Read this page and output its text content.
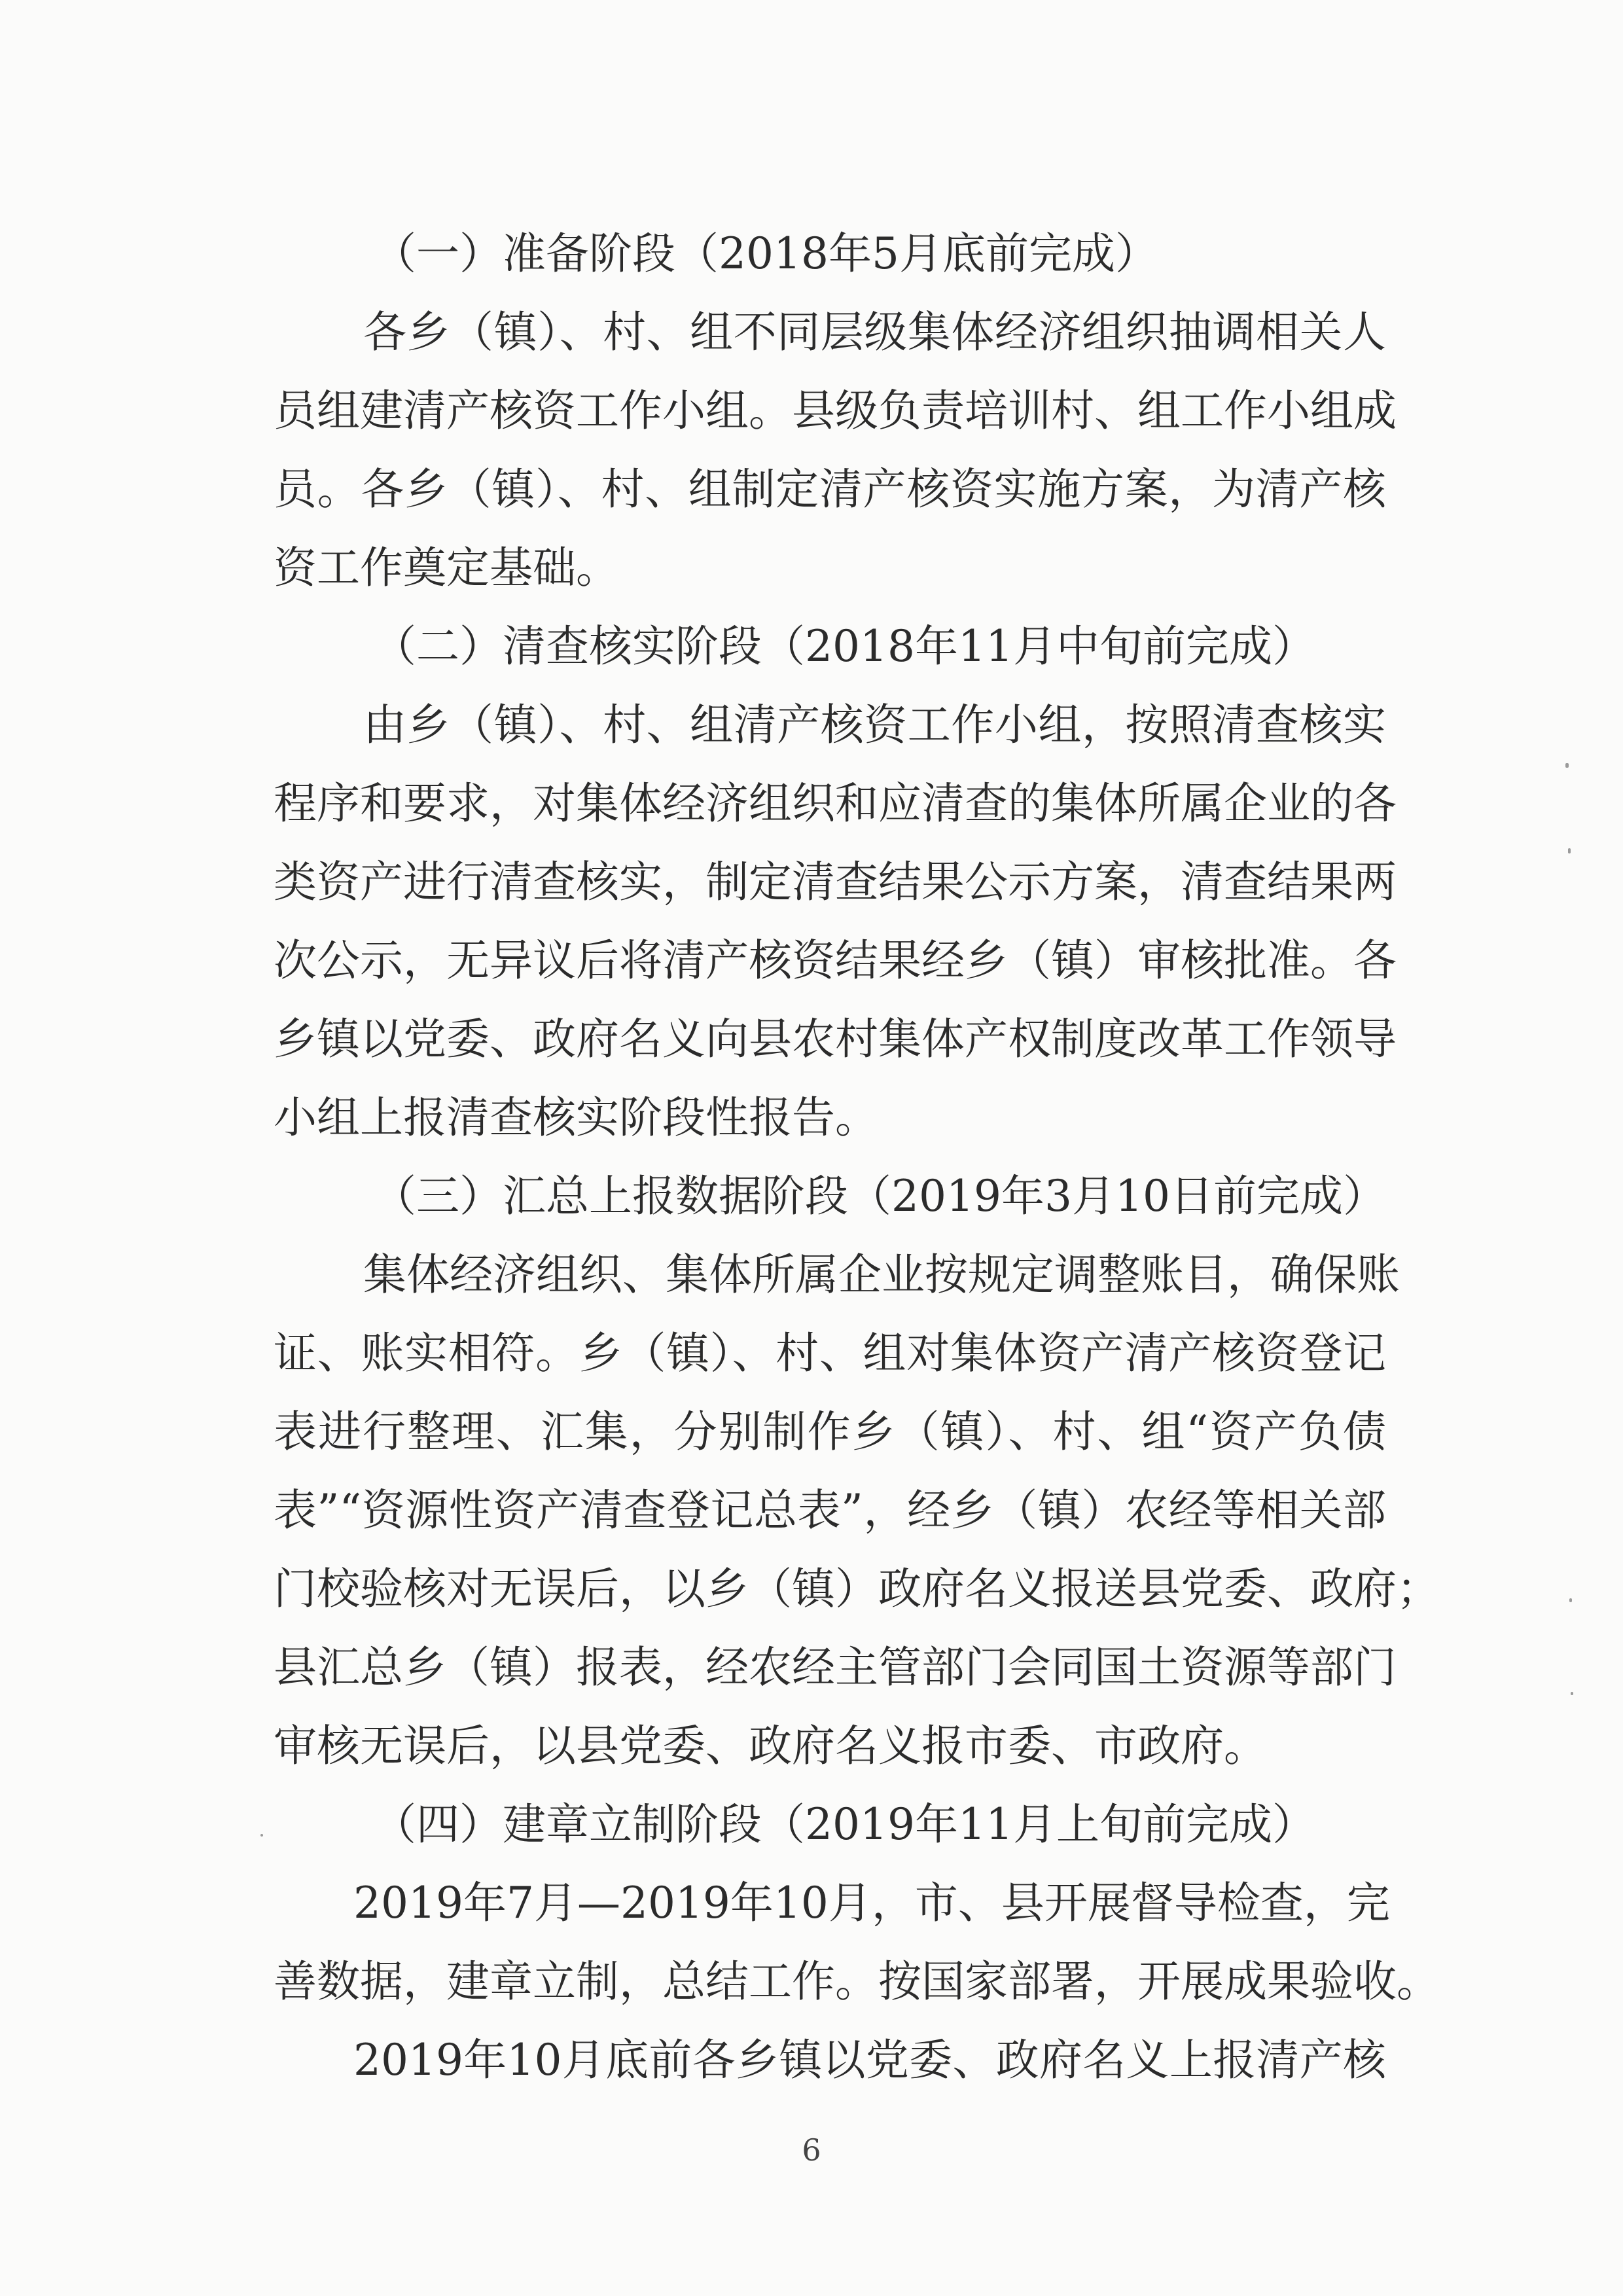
（一）准备阶段（2018年5月底前完成）
各乡（镇）、村、组不同层级集体经济组织抽调相关人
员组建清产核资工作小组。县级负责培训村、组工作小组成
员。各乡（镇）、村、组制定清产核资实施方案，为清产核
资工作奠定基础。
（二）清查核实阶段（2018年11月中旬前完成）
由乡（镇）、村、组清产核资工作小组，按照清查核实
程序和要求，对集体经济组织和应清查的集体所属企业的各
类资产进行清查核实，制定清查结果公示方案，清查结果两
次公示，无异议后将清产核资结果经乡（镇）审核批准。各
乡镇以党委、政府名义向县农村集体产权制度改革工作领导
小组上报清查核实阶段性报告。
（三）汇总上报数据阶段（2019年3月10日前完成）
集体经济组织、集体所属企业按规定调整账目，确保账
证、账实相符。乡（镇）、村、组对集体资产清产核资登记
表进行整理、汇集，分别制作乡（镇）、村、组“资产负债
表”“资源性资产清查登记总表”，经乡（镇）农经等相关部
门校验核对无误后，以乡（镇）政府名义报送县党委、政府；
县汇总乡（镇）报表，经农经主管部门会同国土资源等部门
审核无误后，以县党委、政府名义报市委、市政府。
（四）建章立制阶段（2019年11月上旬前完成）
2019年7月—2019年10月，市、县开展督导检查，完
善数据，建章立制，总结工作。按国家部署，开展成果验收。
2019年10月底前各乡镇以党委、政府名义上报清产核
6
